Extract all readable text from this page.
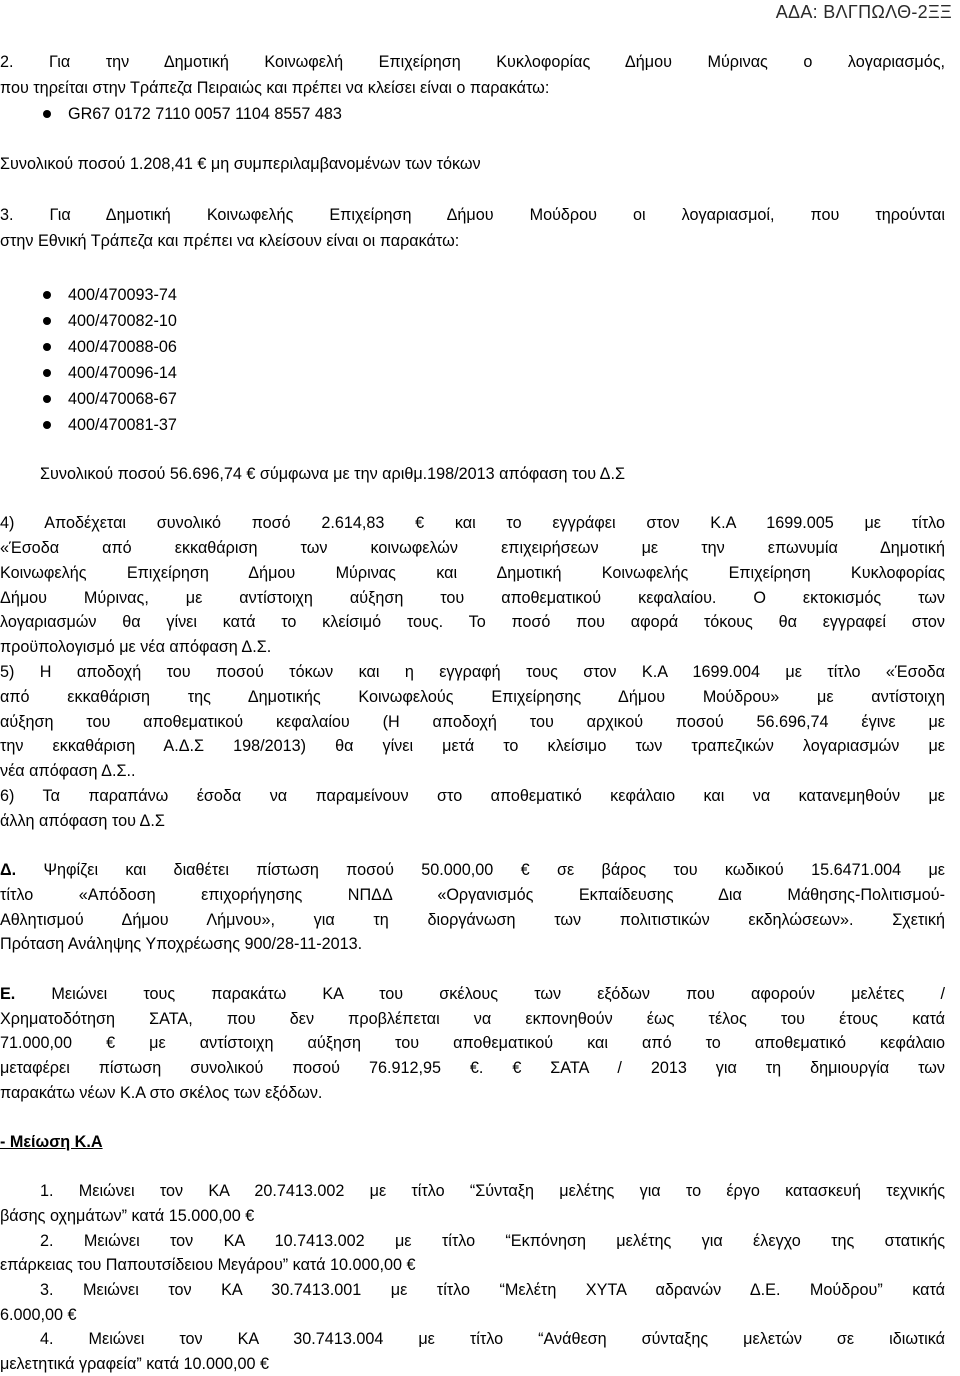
ΑΔΑ: ΒΛΓΠΩΛΘ-2ΞΞ
2. Για την Δημοτική Κοινωφελή Επιχείρηση Κυκλοφορίας Δήμου Μύρινας ο λογαριασμός,
που τηρείται στην Τράπεζα Πειραιώς και πρέπει να κλείσει είναι ο παρακάτω:
GR67 0172 7110 0057 1104 8557 483
Συνολικού ποσού 1.208,41 € μη συμπεριλαμβανομένων των τόκων
3. Για Δημοτική Κοινωφελής Επιχείρηση Δήμου Μούδρου οι λογαριασμοί, που τηρούνται
στην Εθνική Τράπεζα και πρέπει να κλείσουν είναι οι παρακάτω:
400/470093-74
400/470082-10
400/470088-06
400/470096-14
400/470068-67
400/470081-37
Συνολικού ποσού 56.696,74 € σύμφωνα με την αριθμ.198/2013 απόφαση του Δ.Σ
4) Αποδέχεται συνολικό ποσό 2.614,83 € και το εγγράφει στον Κ.Α 1699.005 με τίτλο
«Έσοδα από εκκαθάριση των κοινωφελών επιχειρήσεων με την επωνυμία Δημοτική
Κοινωφελής Επιχείρηση Δήμου Μύρινας και Δημοτική Κοινωφελής Επιχείρηση Κυκλοφορίας
Δήμου Μύρινας, με αντίστοιχη αύξηση του αποθεματικού κεφαλαίου. Ο εκτοκισμός των
λογαριασμών θα γίνει κατά το κλείσιμό τους. Το ποσό που αφορά τόκους θα εγγραφεί στον
προϋπολογισμό με νέα απόφαση Δ.Σ.
5) Η αποδοχή του ποσού τόκων και η εγγραφή τους στον Κ.Α 1699.004 με τίτλο «Έσοδα
από εκκαθάριση της Δημοτικής Κοινωφελούς Επιχείρησης Δήμου Μούδρου» με αντίστοιχη
αύξηση του αποθεματικού κεφαλαίου (Η αποδοχή του αρχικού ποσού 56.696,74 έγινε με
την εκκαθάριση Α.Δ.Σ 198/2013) θα γίνει μετά το κλείσιμο των τραπεζικών λογαριασμών με
νέα απόφαση Δ.Σ..
6) Τα παραπάνω έσοδα να παραμείνουν στο αποθεματικό κεφάλαιο και να κατανεμηθούν με
άλλη απόφαση του Δ.Σ
Δ. Ψηφίζει και διαθέτει πίστωση ποσού 50.000,00 € σε βάρος του κωδικού 15.6471.004 με
τίτλο «Απόδοση επιχορήγησης ΝΠΔΔ «Οργανισμός Εκπαίδευσης Δια Μάθησης-Πολιτισμού-
Αθλητισμού Δήμου Λήμνου», για τη διοργάνωση των πολιτιστικών εκδηλώσεων». Σχετική
Πρόταση Ανάληψης Υποχρέωσης 900/28-11-2013.
Ε. Μειώνει τους παρακάτω ΚΑ του σκέλους των εξόδων που αφορούν μελέτες /
Χρηματοδότηση ΣΑΤΑ, που δεν προβλέπεται να εκπονηθούν έως τέλος του έτους κατά
71.000,00 € με αντίστοιχη αύξηση του αποθεματικού και από το αποθεματικό κεφάλαιο
μεταφέρει πίστωση συνολικού ποσού 76.912,95 €. € ΣΑΤΑ / 2013 για τη δημιουργία των
παρακάτω νέων Κ.Α στο σκέλος των εξόδων.
- Μείωση Κ.Α
1. Μειώνει τον ΚΑ 20.7413.002 με τίτλο “Σύνταξη μελέτης για το έργο κατασκευή τεχνικής
βάσης οχημάτων” κατά 15.000,00 €
2. Μειώνει τον ΚΑ 10.7413.002 με τίτλο “Εκπόνηση μελέτης για έλεγχο της στατικής
επάρκειας του Παπουτσίδειου Μεγάρου” κατά 10.000,00 €
3. Μειώνει τον ΚΑ 30.7413.001 με τίτλο “Μελέτη ΧΥΤΑ αδρανών Δ.Ε. Μούδρου” κατά
6.000,00 €
4. Μειώνει τον ΚΑ 30.7413.004 με τίτλο “Ανάθεση σύνταξης μελετών σε ιδιωτικά
μελετητικά γραφεία” κατά 10.000,00 €
